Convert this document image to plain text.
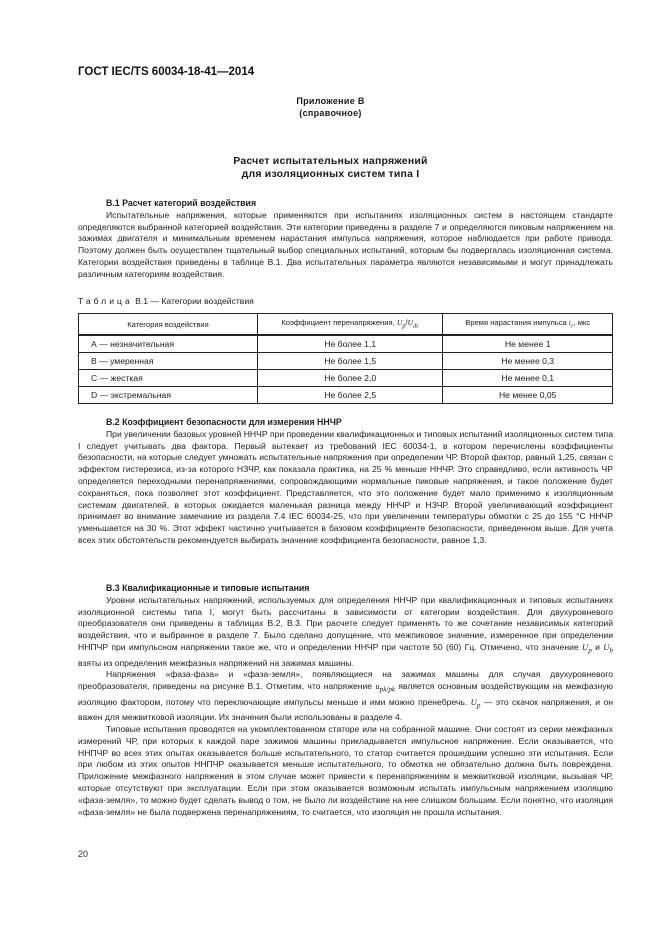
ГОСТ IEC/TS 60034-18-41—2014
Приложение В
(справочное)
Расчет испытательных напряжений
для изоляционных систем типа I
В.1 Расчет категорий воздействия

Испытательные напряжения, которые применяются при испытаниях изоляционных систем в настоящем стандарте определяются выбранной категорией воздействия. Эти категории приведены в разделе 7 и определяются пиковым напряжением на зажимах двигателя и минимальным временем нарастания импульса напряжения, которое наблюдается при работе привода. Поэтому должен быть осуществлен тщательный выбор специальных испытаний, которым бы подвергалась изоляционная система. Категории воздействия приведены в таблице В.1. Два испытательных параметра являются независимыми и могут принадлежать различным категориям воздействия.

Таблица В.1 — Категории воздействия
Категория воздействия	Коэффициент перенапряжения, $U_p/U_{dc}$	Время нарастания импульса $t_r$, мкс
А — незначительная	Не более 1,1	Не менее 1
В — умеренная	Не более 1,5	Не менее 0,3
С — жесткая	Не более 2,0	Не менее 0,1
D — экстремальная	Не более 2,5	Не менее 0,05
В.2 Коэффициент безопасности для измерения ННЧР

При увеличении базовых уровней ННЧР при проведении квалификационных и типовых испытаний изоляционных систем типа I следует учитывать два фактора. Первый вытекает из требований IEC 60034-1, в котором перечислены коэффициенты безопасности, на которые следует умножать испытательные напряжения при определении ЧР. Второй фактор, равный 1,25, связан с эффектом гистерезиса, из-за которого НЗЧР, как показала практика, на 25 % меньше ННЧР. Это справедливо, если активность ЧР определяется переходными перенапряжениями, сопровождающими нормальные пиковые напряжения, и такое положение будет сохраняться, пока позволяет этот коэффициент. Представляется, что это положение будет мало применимо к изоляционным системам двигателей, в которых ожидается маленькая разница между ННЧР и НЗЧР. Второй увеличивающий коэффициент принимает во внимание замечание из раздела 7.4 IEC 60034-25, что при увеличении температуры обмотки с 25 до 155 °С ННЧР уменьшается на 30 %. Этот эффект частично учитывается в базовом коэффициенте безопасности, приведенном выше. Для учета всех этих обстоятельств рекомендуется выбирать значение коэффициента безопасности, равное 1,3.

В.3 Квалификационные и типовые испытания

Уровни испытательных напряжений, используемых для определения ННЧР при квалификационных и типовых испытаниях изоляционной системы типа I, могут быть рассчитаны в зависимости от категории воздействия. Для двухуровневого преобразователя они приведены в таблицах В.2, В.3. При расчете следует применять то же сочетание независимых категорий воздействия, что и выбранное в разделе 7. Было сделано допущение, что межпиковое значение, измеренное при определении ННПЧР при импульсном напряжении такое же, что и определении ННЧР при частоте 50 (60) Гц. Отмечено, что значение $U_p$ и $U_b$ взяты из определения межфазных напряжений на зажимах машины.

Напряжения «фаза-фаза» и «фаза-земля», появляющиеся на зажимах машины для случая двухуровневого преобразователя, приведены на рисунке В.1. Отметим, что напряжение $u_{pk/pk}$ является основным воздействующим на межфазную изоляцию фактором, потому что переключающие импульсы меньше и ими можно пренебречь. $U_p$ — это скачок напряжения, и он важен для межвитковой изоляции. Их значения были использованы в разделе 4.

Типовые испытания проводятся на укомплектованном статоре или на собранной машине. Они состоят из серии межфазных измерений ЧР, при которых к каждой паре зажимов машины прикладывается импульсное напряжение. Если оказывается, что ННПЧР во всех этих опытах оказывается больше испытательного, то статор считается прошедшим успешно эти испытания. Если при любом из этих опытов ННПЧР оказывается меньше испытательного, то обмотка не обязательно должна быть повреждена. Приложение межфазного напряжения в этом случае может привести к перенапряжениям в межвитковой изоляции, вызывая ЧР, которые отсутствуют при эксплуатации. Если при этом оказывается возможным испытать импульсным напряжением изоляцию «фаза-земля», то можно будет сделать вывод о том, не было ли воздействие на нее слишком большим. Если понятно, что изоляция «фаза-земля» не была подвержена перенапряжениям, то считается, что изоляция не прошла испытания.

20
